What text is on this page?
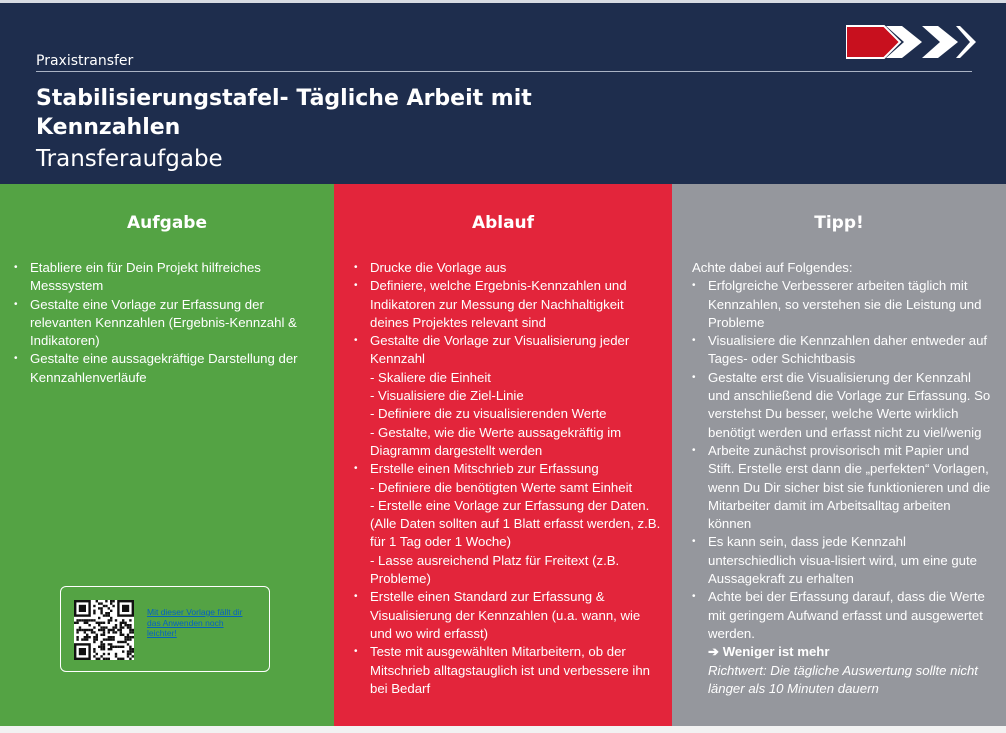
Praxistransfer
Stabilisierungstafel- Tägliche Arbeit mit Kennzahlen
Transferaufgabe
Aufgabe
• Etabliere ein für Dein Projekt hilfreiches Messsystem
• Gestalte eine Vorlage zur Erfassung der relevanten Kennzahlen (Ergebnis-Kennzahl & Indikatoren)
• Gestalte eine aussagekräftige Darstellung der Kennzahlenverläufe
Mit dieser Vorlage fällt dir das Anwenden noch leichter!
Ablauf
• Drucke die Vorlage aus
• Definiere, welche Ergebnis-Kennzahlen und Indikatoren zur Messung der Nachhaltigkeit deines Projektes relevant sind
• Gestalte die Vorlage zur Visualisierung jeder Kennzahl
- Skaliere die Einheit
- Visualisiere die Ziel-Linie
- Definiere die zu visualisierenden Werte
- Gestalte, wie die Werte aussagekräftig im Diagramm dargestellt werden
• Erstelle einen Mitschrieb zur Erfassung
- Definiere die benötigten Werte samt Einheit
- Erstelle eine Vorlage zur Erfassung der Daten. (Alle Daten sollten auf 1 Blatt erfasst werden, z.B. für 1 Tag oder 1 Woche)
- Lasse ausreichend Platz für Freitext (z.B. Probleme)
• Erstelle einen Standard zur Erfassung & Visualisierung der Kennzahlen (u.a. wann, wie und wo wird erfasst)
• Teste mit ausgewählten Mitarbeitern, ob der Mitschrieb alltagstauglich ist und verbessere ihn bei Bedarf
Tipp!
Achte dabei auf Folgendes:
• Erfolgreiche Verbesserer arbeiten täglich mit Kennzahlen, so verstehen sie die Leistung und Probleme
• Visualisiere die Kennzahlen daher entweder auf Tages- oder Schichtbasis
• Gestalte erst die Visualisierung der Kennzahl und anschließend die Vorlage zur Erfassung. So verstehst Du besser, welche Werte wirklich benötigt werden und erfasst nicht zu viel/wenig
• Arbeite zunächst provisorisch mit Papier und Stift. Erstelle erst dann die „perfekten“ Vorlagen, wenn Du Dir sicher bist sie funktionieren und die Mitarbeiter damit im Arbeitsalltag arbeiten können
• Es kann sein, dass jede Kennzahl unterschiedlich visua-lisiert wird, um eine gute Aussagekraft zu erhalten
• Achte bei der Erfassung darauf, dass die Werte mit geringem Aufwand erfasst und ausgewertet werden.
➔ Weniger ist mehr
Richtwert: Die tägliche Auswertung sollte nicht länger als 10 Minuten dauern
